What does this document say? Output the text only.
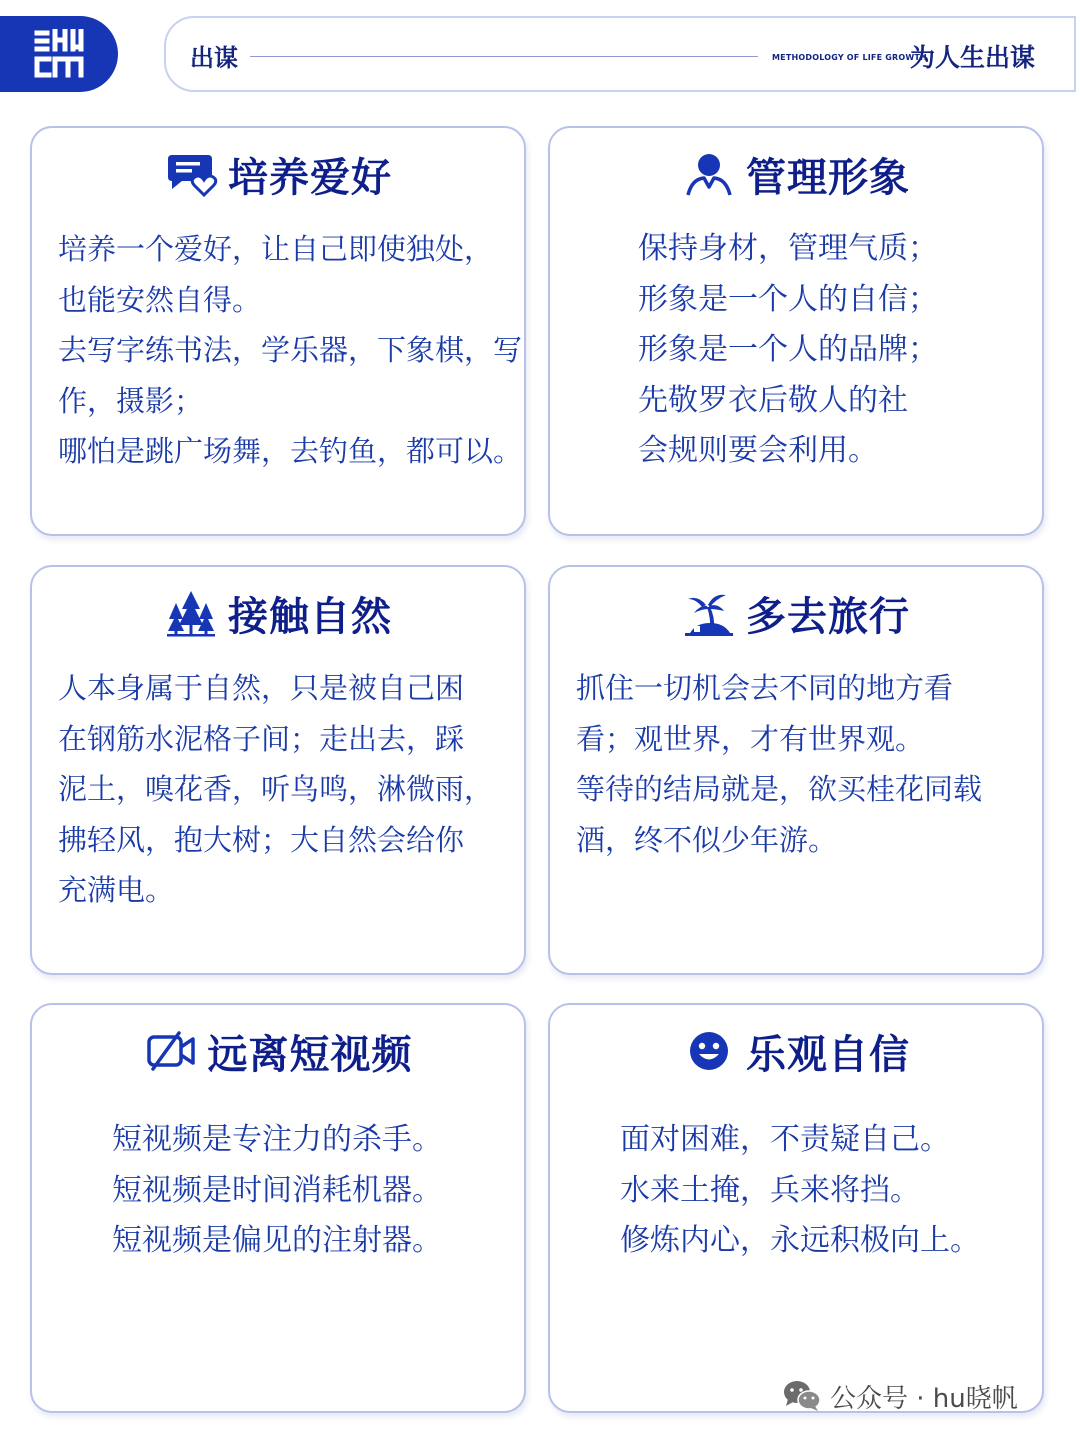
出谋	METHODOLOGY OF LIFE GROWTH
为人生出谋
培养爱好
培养一个爱好，让自己即使独处，
也能安然自得。
去写字练书法，学乐器，下象棋，写
作，摄影；
哪怕是跳广场舞，去钓鱼，都可以。
管理形象
保持身材，管理气质；
形象是一个人的自信；
形象是一个人的品牌；
先敬罗衣后敬人的社
会规则要会利用。
接触自然
人本身属于自然，只是被自己困
在钢筋水泥格子间；走出去，踩
泥土，嗅花香，听鸟鸣，淋微雨，
拂轻风，抱大树；大自然会给你
充满电。
多去旅行
抓住一切机会去不同的地方看
看；观世界，才有世界观。
等待的结局就是，欲买桂花同载
酒，终不似少年游。
远离短视频
短视频是专注力的杀手。
短视频是时间消耗机器。
短视频是偏见的注射器。
乐观自信
面对困难，不责疑自己。
水来土掩，兵来将挡。
修炼内心，永远积极向上。
公众号 · hu晓帆
